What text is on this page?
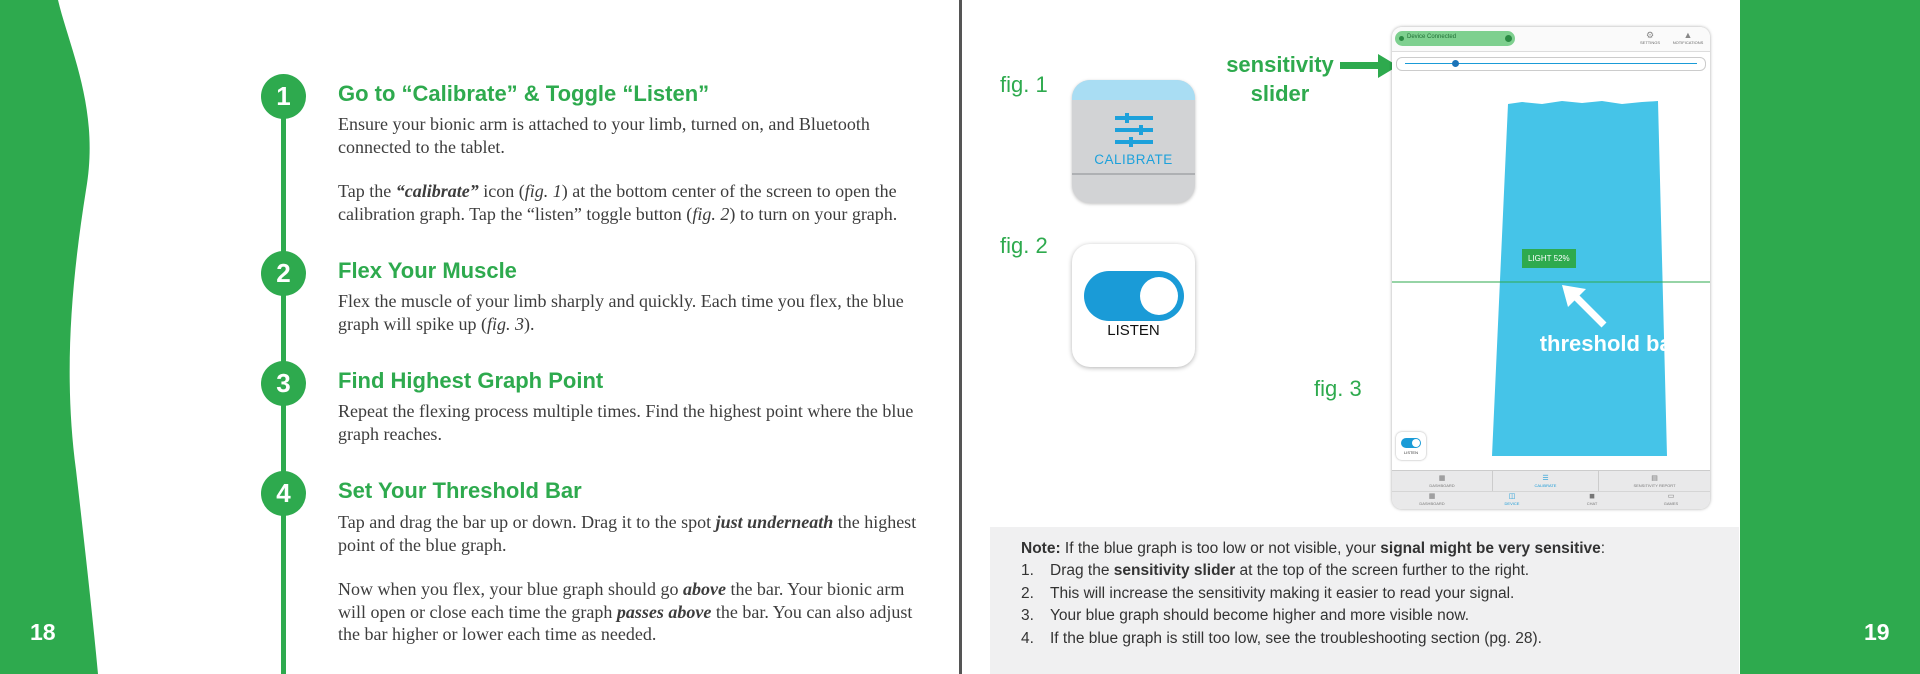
18
1	Go to “Calibrate” & Toggle “Listen”

Ensure your bionic arm is attached to your limb, turned on, and Bluetooth connected to the tablet.

Tap the “calibrate” icon (fig. 1) at the bottom center of the screen to open the calibration graph. Tap the “listen” toggle button (fig. 2) to turn on your graph.

2	Flex Your Muscle

Flex the muscle of your limb sharply and quickly. Each time you flex, the blue graph will spike up (fig. 3).

3	Find Highest Graph Point

Repeat the flexing process multiple times. Find the highest point where the blue graph reaches.

4	Set Your Threshold Bar

Tap and drag the bar up or down. Drag it to the spot just underneath the highest point of the blue graph.

Now when you flex, your blue graph should go above the bar. Your bionic arm will open or close each time the graph passes above the bar. You can also adjust the bar higher or lower each time as needed.	19
fig. 1
fig. 2
fig. 3
CALIBRATE
LISTEN
sensitivity
slider
Device Connected	⚙
SETTINGS
▲
NOTIFICATIONS
LIGHT 52%
LISTEN
▦
DASHBOARD
☰
CALIBRATE
▤
SENSITIVITY REPORT
▦
DASHBOARD
◫
DEVICE
◼
CHAT
▭
GAMES
threshold bar
Note: If the blue graph is too low or not visible, your signal might be very sensitive:
1. Drag the sensitivity slider at the top of the screen further to the right.
2. This will increase the sensitivity making it easier to read your signal.
3. Your blue graph should become higher and more visible now.
4. If the blue graph is still too low, see the troubleshooting section (pg. 28).
